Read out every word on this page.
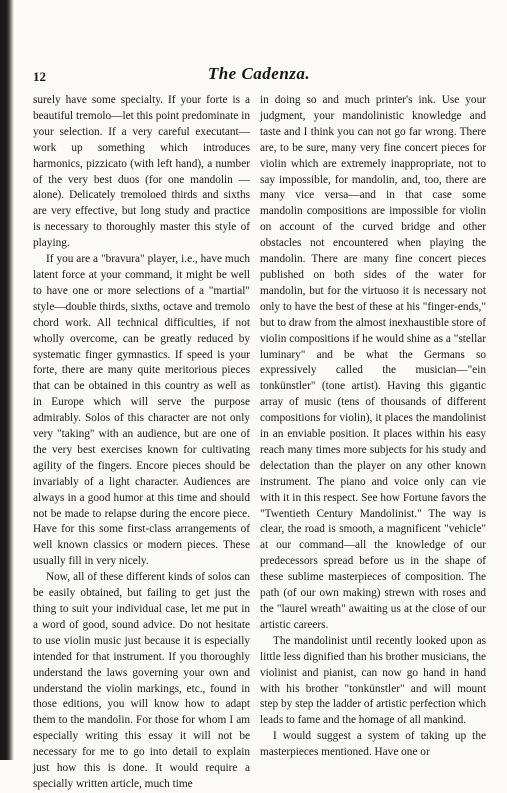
12	The Cadenza.

surely have some specialty. If your forte is a beautiful tremolo—let this point predominate in your selection. If a very careful executant—work up something which introduces harmonics, pizzicato (with left hand), a number of the very best duos (for one mandolin — alone). Delicately tremoloed thirds and sixths are very effective, but long study and practice is necessary to thoroughly master this style of playing.

If you are a "bravura" player, i.e., have much latent force at your command, it might be well to have one or more selections of a "martial" style—double thirds, sixths, octave and tremolo chord work. All technical difficulties, if not wholly overcome, can be greatly reduced by systematic finger gymnastics. If speed is your forte, there are many quite meritorious pieces that can be obtained in this country as well as in Europe which will serve the purpose admirably. Solos of this character are not only very "taking" with an audience, but are one of the very best exercises known for cultivating agility of the fingers. Encore pieces should be invariably of a light character. Audiences are always in a good humor at this time and should not be made to relapse during the encore piece. Have for this some first-class arrangements of well known classics or modern pieces. These usually fill in very nicely.

Now, all of these different kinds of solos can be easily obtained, but failing to get just the thing to suit your individual case, let me put in a word of good, sound advice. Do not hesitate to use violin music just because it is especially intended for that instrument. If you thoroughly understand the laws governing your own and understand the violin markings, etc., found in those editions, you will know how to adapt them to the mandolin. For those for whom I am especially writing this essay it will not be necessary for me to go into detail to explain just how this is done. It would require a specially written article, much time

in doing so and much printer's ink. Use your judgment, your mandolinistic knowledge and taste and I think you can not go far wrong. There are, to be sure, many very fine concert pieces for violin which are extremely inappropriate, not to say impossible, for mandolin, and, too, there are many vice versa—and in that case some mandolin compositions are impossible for violin on account of the curved bridge and other obstacles not encountered when playing the mandolin. There are many fine concert pieces published on both sides of the water for mandolin, but for the virtuoso it is necessary not only to have the best of these at his "finger-ends," but to draw from the almost inexhaustible store of violin compositions if he would shine as a "stellar luminary" and be what the Germans so expressively called the musician—"ein tonkünstler" (tone artist). Having this gigantic array of music (tens of thousands of different compositions for violin), it places the mandolinist in an enviable position. It places within his easy reach many times more subjects for his study and delectation than the player on any other known instrument. The piano and voice only can vie with it in this respect. See how Fortune favors the "Twentieth Century Mandolinist." The way is clear, the road is smooth, a magnificent "vehicle" at our command—all the knowledge of our predecessors spread before us in the shape of these sublime masterpieces of composition. The path (of our own making) strewn with roses and the "laurel wreath" awaiting us at the close of our artistic careers.

The mandolinist until recently looked upon as little less dignified than his brother musicians, the violinist and pianist, can now go hand in hand with his brother "tonkünstler" and will mount step by step the ladder of artistic perfection which leads to fame and the homage of all mankind.

I would suggest a system of taking up the masterpieces mentioned. Have one or
